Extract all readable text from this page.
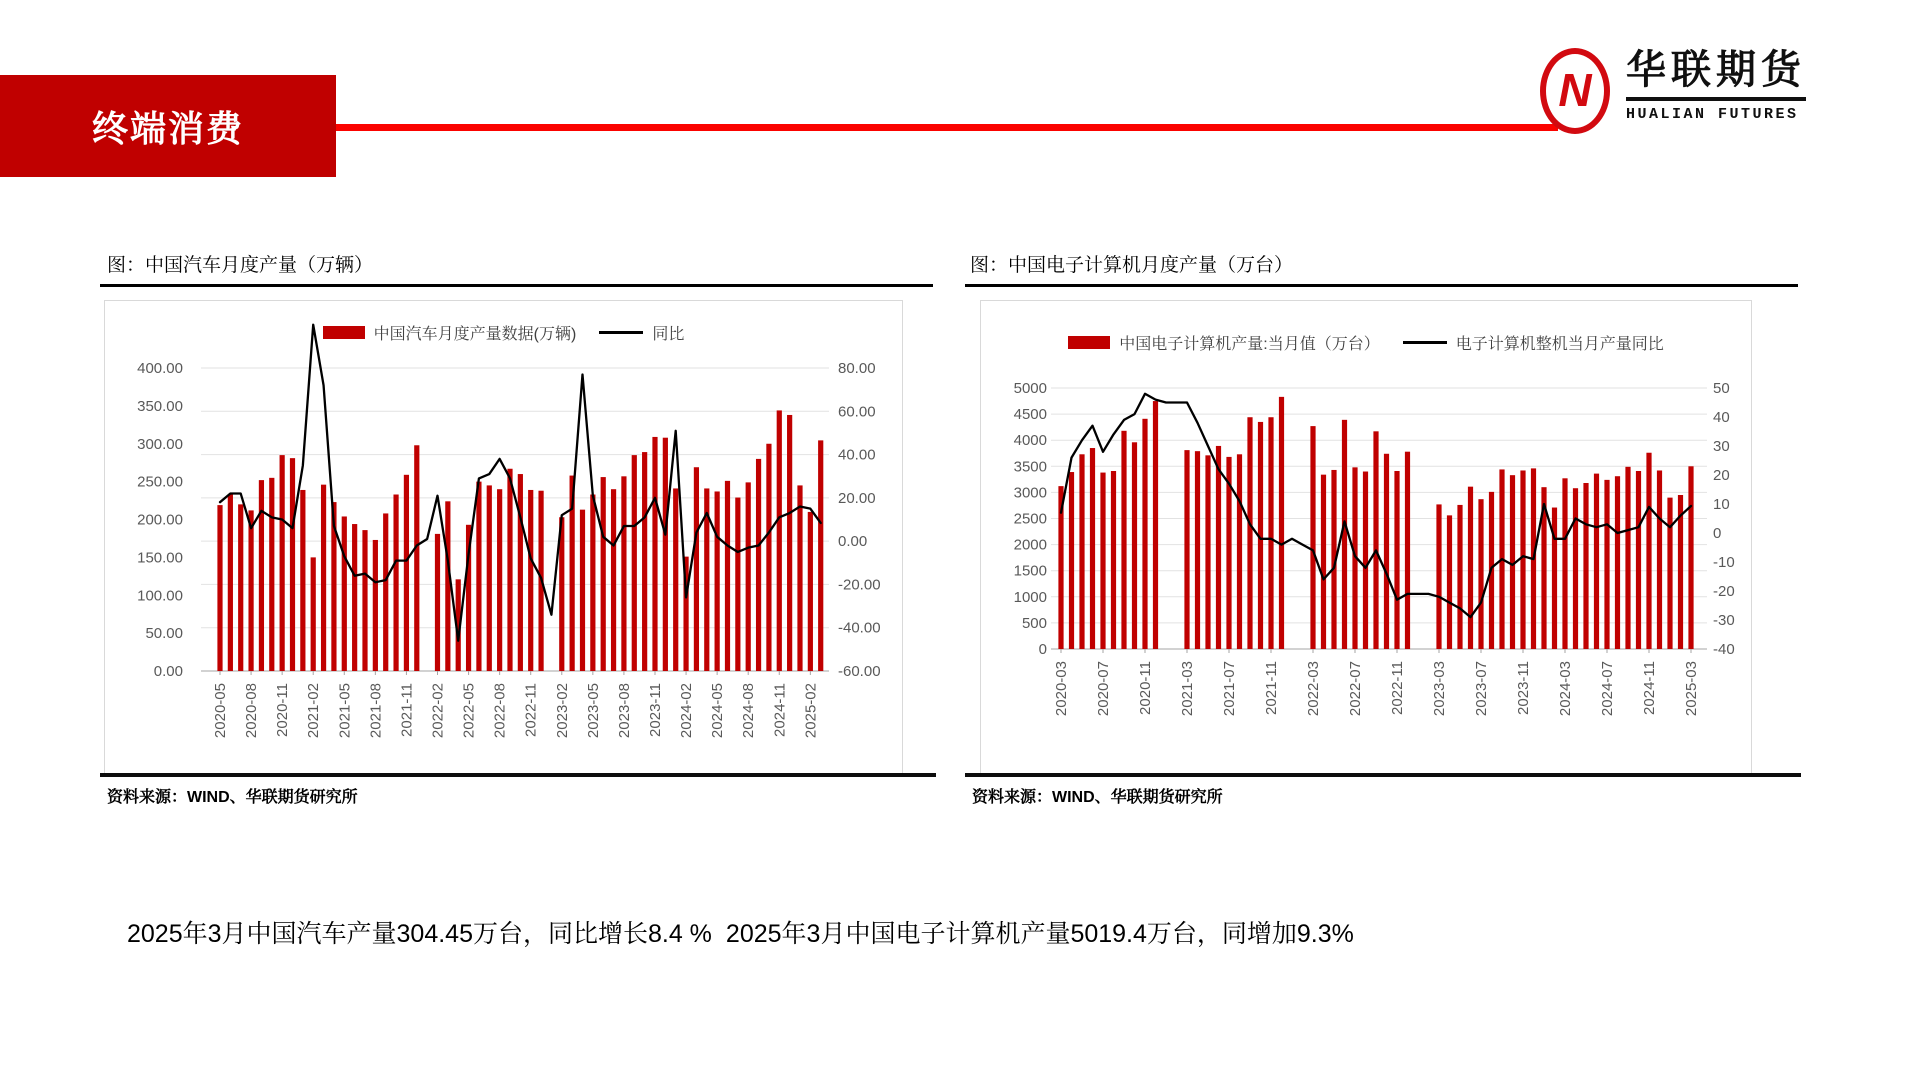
终端消费
N 华联期货
HUALIAN FUTURES
图：中国汽车月度产量（万辆）
中国汽车月度产量数据(万辆)	同比
0.00
50.00
100.00
150.00
200.00
250.00
300.00
350.00
400.00
-60.00
-40.00
-20.00
0.00
20.00
40.00
60.00
80.00
2020-05 2020-08 2020-11 2021-02 2021-05 2021-08 2021-11 2022-02 2022-05 2022-08 2022-11 2023-02 2023-05 2023-08 2023-11 2024-02 2024-05 2024-08 2024-11 2025-02
资料来源：WIND、华联期货研究所
图：中国电子计算机月度产量（万台）
中国电子计算机产量:当月值（万台）	电子计算机整机当月产量同比
0
500
1000
1500
2000
2500
3000
3500
4000
4500
5000
-40
-30
-20
-10
0
10
20
30
40
50
2020-03 2020-07 2020-11 2021-03 2021-07 2021-11 2022-03 2022-07 2022-11 2023-03 2023-07 2023-11 2024-03 2024-07 2024-11 2025-03
资料来源：WIND、华联期货研究所
2025年3月中国汽车产量304.45万台，同比增长8.4 % 2025年3月中国电子计算机产量5019.4万台，同增加9.3%
